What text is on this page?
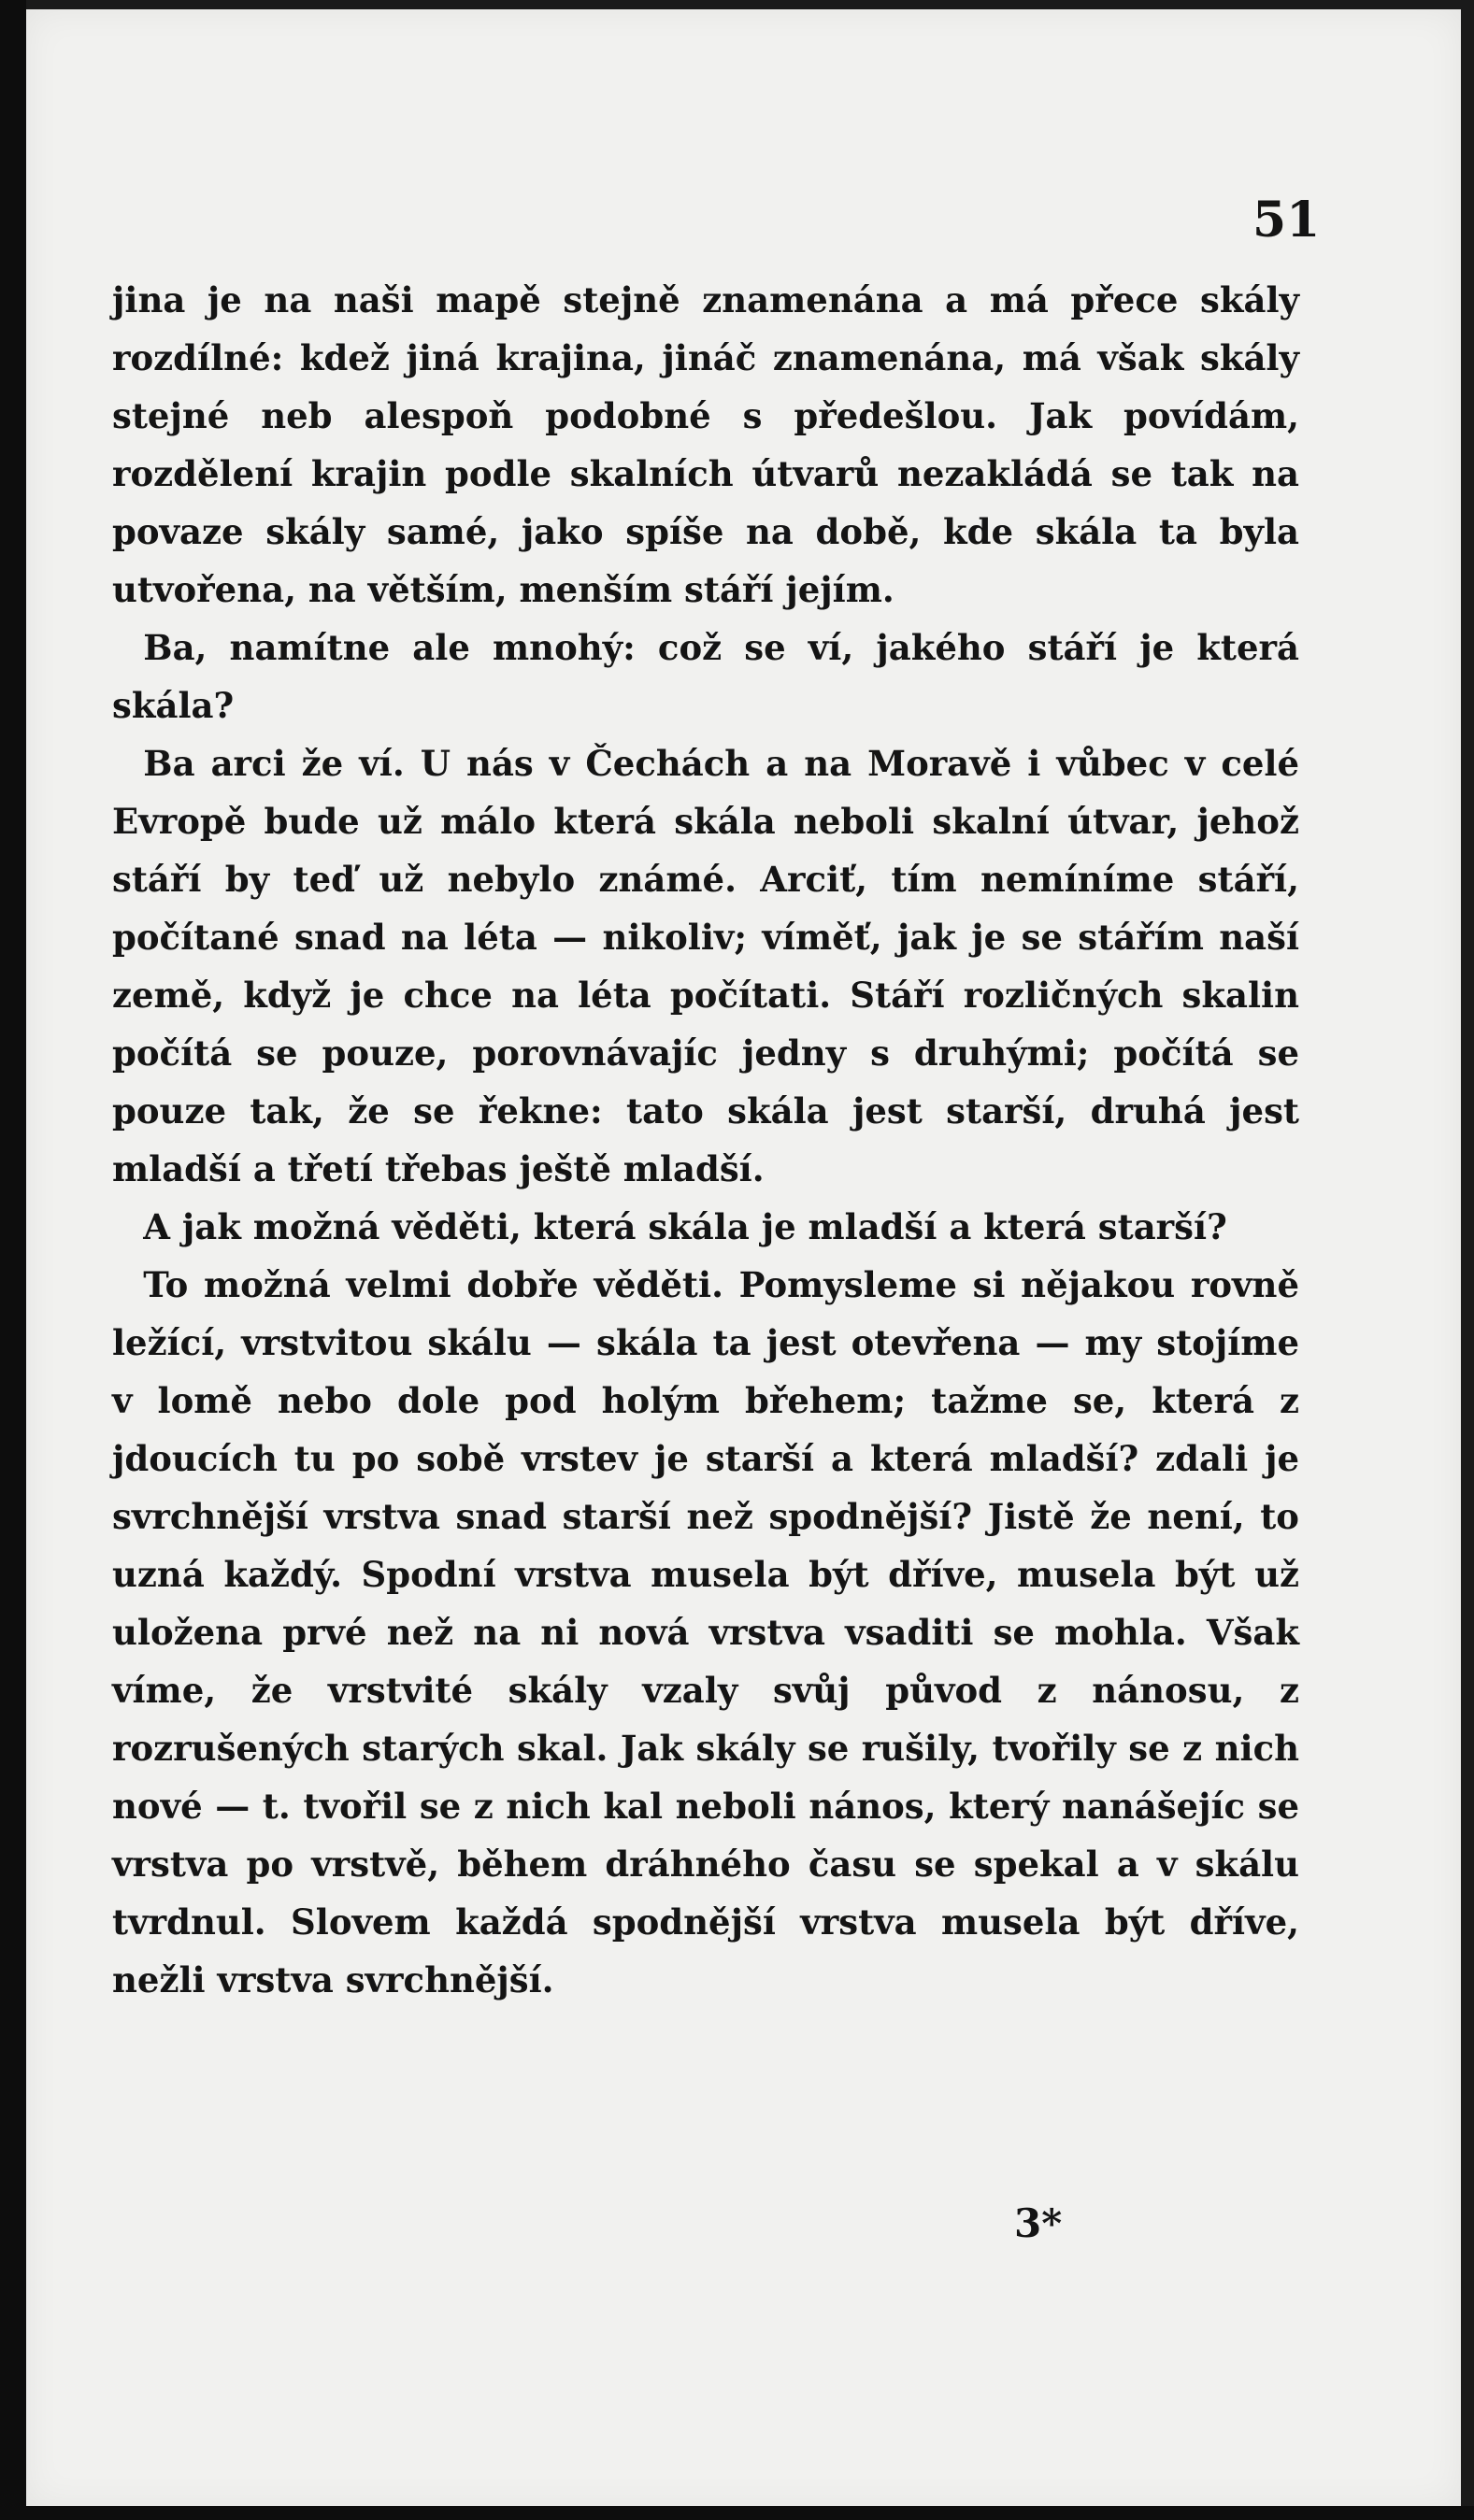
51

jina je na naši mapě stejně znamenána a má přece skály rozdílné: kdež jiná krajina, jináč znamenána, má však skály stejné neb alespoň podobné s předešlou. Jak povídám, rozdělení krajin podle skalních útvarů nezakládá se tak na povaze skály samé, jako spíše na době, kde skála ta byla utvořena, na větším, menším stáří jejím.

Ba, namítne ale mnohý: což se ví, jakého stáří je která skála?

Ba arci že ví. U nás v Čechách a na Moravě i vůbec v celé Evropě bude už málo která skála neboli skalní útvar, jehož stáří by teď už nebylo známé. Arciť, tím nemíníme stáří, počítané snad na léta — nikoliv; víměť, jak je se stářím naší země, když je chce na léta počítati. Stáří rozličných skalin počítá se pouze, porovnávajíc jedny s druhými; počítá se pouze tak, že se řekne: tato skála jest starší, druhá jest mladší a třetí třebas ještě mladší.

A jak možná věděti, která skála je mladší a která starší?

To možná velmi dobře věděti. Pomysleme si nějakou rovně ležící, vrstvitou skálu — skála ta jest otevřena — my stojíme v lomě nebo dole pod holým břehem; tažme se, která z jdoucích tu po sobě vrstev je starší a která mladší? zdali je svrchnější vrstva snad starší než spodnější? Jistě že není, to uzná každý. Spodní vrstva musela být dříve, musela být už uložena prvé než na ni nová vrstva vsaditi se mohla. Však víme, že vrstvité skály vzaly svůj původ z nánosu, z rozrušených starých skal. Jak skály se rušily, tvořily se z nich nové — t. tvořil se z nich kal neboli nános, který nanášejíc se vrstva po vrstvě, během dráhného času se spekal a v skálu tvrdnul. Slovem každá spodnější vrstva musela být dříve, nežli vrstva svrchnější.

3*
